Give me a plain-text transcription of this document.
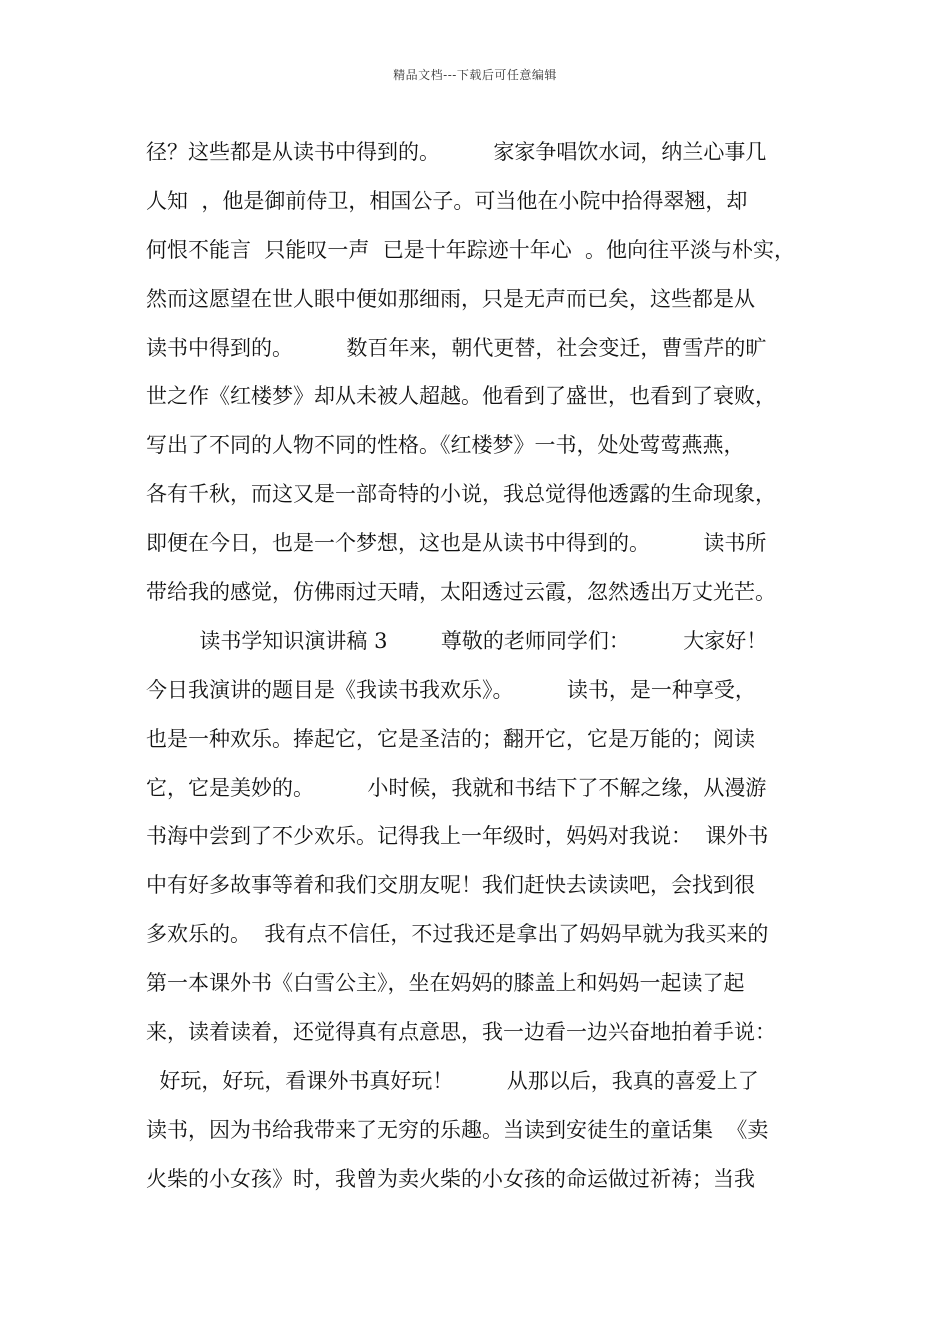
精品文档---下载后可任意编辑
径？这些都是从读书中得到的。        家家争唱饮水词，纳兰心事几
人知  ，他是御前侍卫，相国公子。可当他在小院中拾得翠翘，却
何恨不能言  只能叹一声  已是十年踪迹十年心  。他向往平淡与朴实，
然而这愿望在世人眼中便如那细雨，只是无声而已矣，这些都是从
读书中得到的。        数百年来，朝代更替，社会变迁，曹雪芹的旷
世之作《红楼梦》却从未被人超越。他看到了盛世，也看到了衰败，
写出了不同的人物不同的性格。《红楼梦》一书，处处莺莺燕燕，
各有千秋，而这又是一部奇特的小说，我总觉得他透露的生命现象，
即便在今日，也是一个梦想，这也是从读书中得到的。        读书所
带给我的感觉，仿佛雨过天晴，太阳透过云霞，忽然透出万丈光芒。
读书学知识演讲稿 3        尊敬的老师同学们：        大家好！
今日我演讲的题目是《我读书我欢乐》。        读书，是一种享受，
也是一种欢乐。捧起它，它是圣洁的；翻开它，它是万能的；阅读
它，它是美妙的。        小时候，我就和书结下了不解之缘，从漫游
书海中尝到了不少欢乐。记得我上一年级时，妈妈对我说：  课外书
中有好多故事等着和我们交朋友呢！我们赶快去读读吧，会找到很
多欢乐的。  我有点不信任，不过我还是拿出了妈妈早就为我买来的
第一本课外书《白雪公主》，坐在妈妈的膝盖上和妈妈一起读了起
来，读着读着，还觉得真有点意思，我一边看一边兴奋地拍着手说：
好玩，好玩，看课外书真好玩！        从那以后，我真的喜爱上了
读书，因为书给我带来了无穷的乐趣。当读到安徒生的童话集  《卖
火柴的小女孩》时，我曾为卖火柴的小女孩的命运做过祈祷；当我
